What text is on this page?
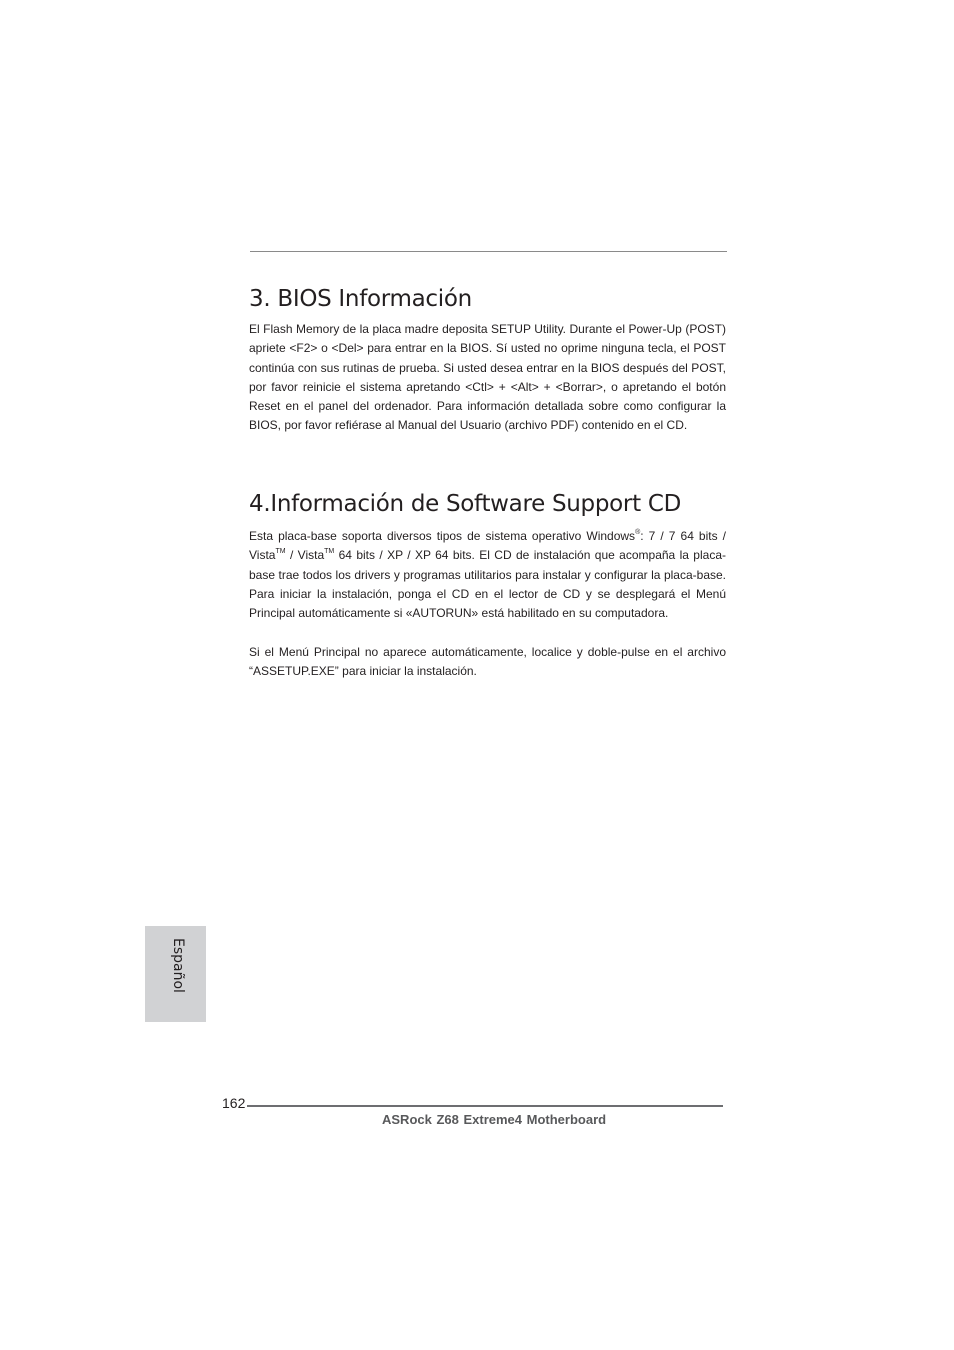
3. BIOS Información

El Flash Memory de la placa madre deposita SETUP Utility. Durante el Power-Up (POST) apriete <F2> o <Del> para entrar en la BIOS. Sí usted no oprime ninguna tecla, el POST continúa con sus rutinas de prueba. Si usted desea entrar en la BIOS después del POST, por favor reinicie el sistema apretando <Ctl> + <Alt> + <Borrar>, o apretando el botón Reset en el panel del ordenador. Para información detallada sobre como configurar la BIOS, por favor refiérase al Manual del Usuario (archivo PDF) contenido en el CD.

4.Información de Software Support CD

Esta placa-base soporta diversos tipos de sistema operativo Windows®: 7 / 7 64 bits / Vista™ / Vista™ 64 bits / XP / XP 64 bits. El CD de instalación que acompaña la placa-base trae todos los drivers y programas utilitarios para instalar y configurar la placa-base. Para iniciar la instalación, ponga el CD en el lector de CD y se desplegará el Menú Principal automáticamente si «AUTORUN» está habilitado en su computadora.

Si el Menú Principal no aparece automáticamente, localice y doble-pulse en el archivo “ASSETUP.EXE” para iniciar la instalación.

Español
162
ASRock Z68 Extreme4 Motherboard
